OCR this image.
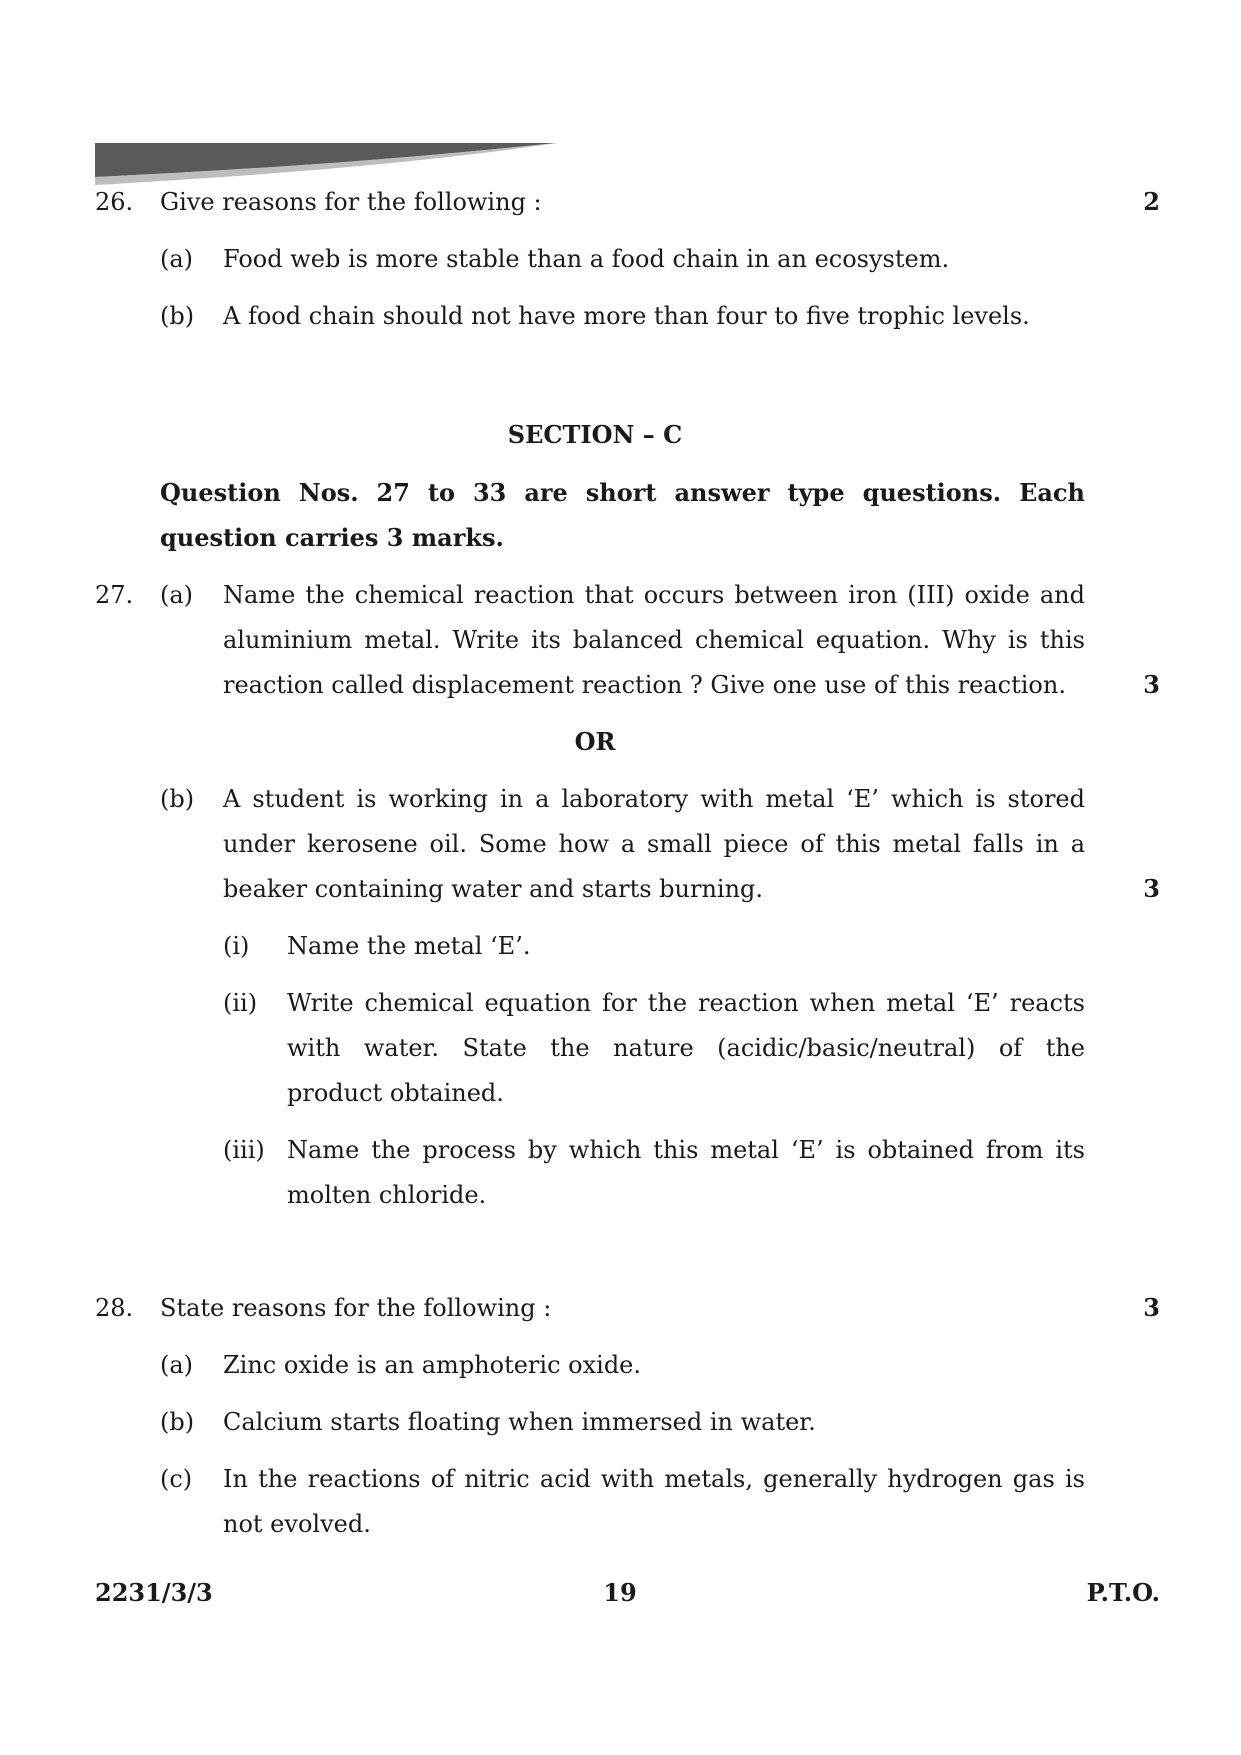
26. Give reasons for the following :	2
(a) Food web is more stable than a food chain in an ecosystem.
(b) A food chain should not have more than four to five trophic levels.
SECTION – C
Question Nos. 27 to 33 are short answer type questions. Each
question carries 3 marks.
27. (a) Name the chemical reaction that occurs between iron (III) oxide and
aluminium metal. Write its balanced chemical equation. Why is this
reaction called displacement reaction ? Give one use of this reaction.	3
OR
(b) A student is working in a laboratory with metal ‘E’ which is stored
under kerosene oil. Some how a small piece of this metal falls in a
beaker containing water and starts burning.	3
(i) Name the metal ‘E’.
(ii) Write chemical equation for the reaction when metal ‘E’ reacts
with water. State the nature (acidic/basic/neutral) of the
product obtained.
(iii) Name the process by which this metal ‘E’ is obtained from its
molten chloride.
28. State reasons for the following :	3
(a) Zinc oxide is an amphoteric oxide.
(b) Calcium starts floating when immersed in water.
(c) In the reactions of nitric acid with metals, generally hydrogen gas is
not evolved.
2231/3/3	19	P.T.O.
